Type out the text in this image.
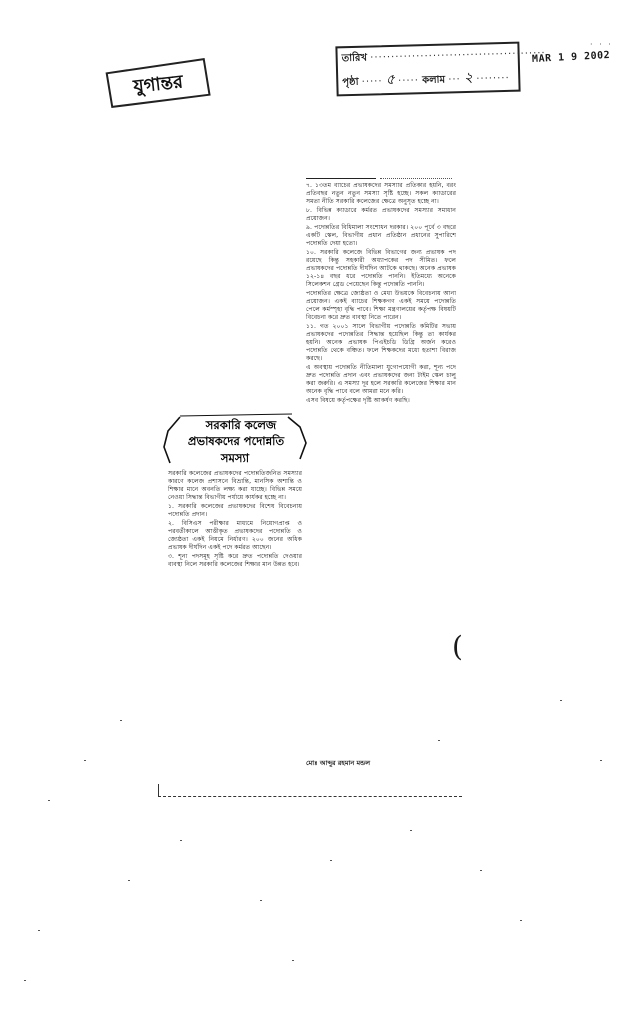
যুগান্তর
তারিখ ··········································
পৃষ্ঠা ····· ৫ ····· কলাম ··· ২ ········
MAR 1 9 2002
· · ·

৭. ১৩তম ব্যাচের প্রভাষকদের সমস্যার প্রতিকার হয়নি, বরং প্রতিবছর নতুন নতুন সমস্যা সৃষ্টি হচ্ছে। সকল ক্যাডারের সমতা নীতি সরকারি কলেজের ক্ষেত্রে অনুসৃত হচ্ছে না।

৮. বিভিন্ন ক্যাডারে কর্মরত প্রভাষকদের সমস্যার সমাধান প্রয়োজন।

৯. পদোন্নতির বিধিমালা সংশোধন দরকার। ২০০ পূর্বে ৩ বছরে একটি স্কেল, বিভাগীয় প্রধান প্রতিষ্ঠান প্রধানের সুপারিশে পদোন্নতি দেয়া হতো।

১০. সরকারি কলেজে বিভিন্ন বিভাগের জন্য প্রভাষক পদ রয়েছে কিন্তু সহকারী অধ্যাপকের পদ সীমিত। ফলে প্রভাষকদের পদোন্নতি দীর্ঘদিন আটকে থাকছে। অনেক প্রভাষক ১২-১৪ বছর ধরে পদোন্নতি পাননি। ইতিমধ্যে অনেকে সিলেকশন গ্রেড পেয়েছেন কিন্তু পদোন্নতি পাননি।

পদোন্নতির ক্ষেত্রে জ্যেষ্ঠতা ও মেধা উভয়কে বিবেচনায় আনা প্রয়োজন। একই ব্যাচের শিক্ষকগণ একই সময়ে পদোন্নতি পেলে কর্মস্পৃহা বৃদ্ধি পাবে। শিক্ষা মন্ত্রণালয়ের কর্তৃপক্ষ বিষয়টি বিবেচনা করে দ্রুত ব্যবস্থা নিতে পারেন।

১১. গত ২০০১ সালে বিভাগীয় পদোন্নতি কমিটির সভায় প্রভাষকদের পদোন্নতির সিদ্ধান্ত হয়েছিল কিন্তু তা কার্যকর হয়নি। অনেক প্রভাষক পিএইচডি ডিগ্রি অর্জন করেও পদোন্নতি থেকে বঞ্চিত। ফলে শিক্ষকদের মধ্যে হতাশা বিরাজ করছে।

এ অবস্থায় পদোন্নতি নীতিমালা যুগোপযোগী করা, শূন্য পদে দ্রুত পদোন্নতি প্রদান এবং প্রভাষকদের জন্য টাইম স্কেল চালু করা জরুরি। এ সমস্যা দূর হলে সরকারি কলেজের শিক্ষার মান অনেক বৃদ্ধি পাবে বলে আমরা মনে করি।

এসব বিষয়ে কর্তৃপক্ষের দৃষ্টি আকর্ষণ করছি।

সরকারি কলেজ
প্রভাষকদের পদোন্নতি
সমস্যা

সরকারি কলেজের প্রভাষকদের পদোন্নতিজনিত সমস্যার কারণে কলেজ প্রশাসনে বিভ্রান্তি, মানসিক অশান্তি ও শিক্ষার মানে অবনতি লক্ষ্য করা যাচ্ছে। বিভিন্ন সময়ে নেওয়া সিদ্ধান্ত বিভাগীয় পর্যায়ে কার্যকর হচ্ছে না।

১. সরকারি কলেজের প্রভাষকদের বিশেষ বিবেচনায় পদোন্নতি প্রদান।

২. বিসিএস পরীক্ষার মাধ্যমে নিয়োগপ্রাপ্ত ও পরবর্তীকালে আত্তীকৃত প্রভাষকদের পদোন্নতি ও জ্যেষ্ঠতা একই নিয়মে নির্ধারণ। ২০০ জনের অধিক প্রভাষক দীর্ঘদিন একই পদে কর্মরত আছেন।

৩. শূন্য পদসমূহ সৃষ্টি করে দ্রুত পদোন্নতি দেওয়ার ব্যবস্থা নিলে সরকারি কলেজের শিক্ষার মান উন্নত হবে।

(
মোঃ আব্দুর রহমান মন্ডল
